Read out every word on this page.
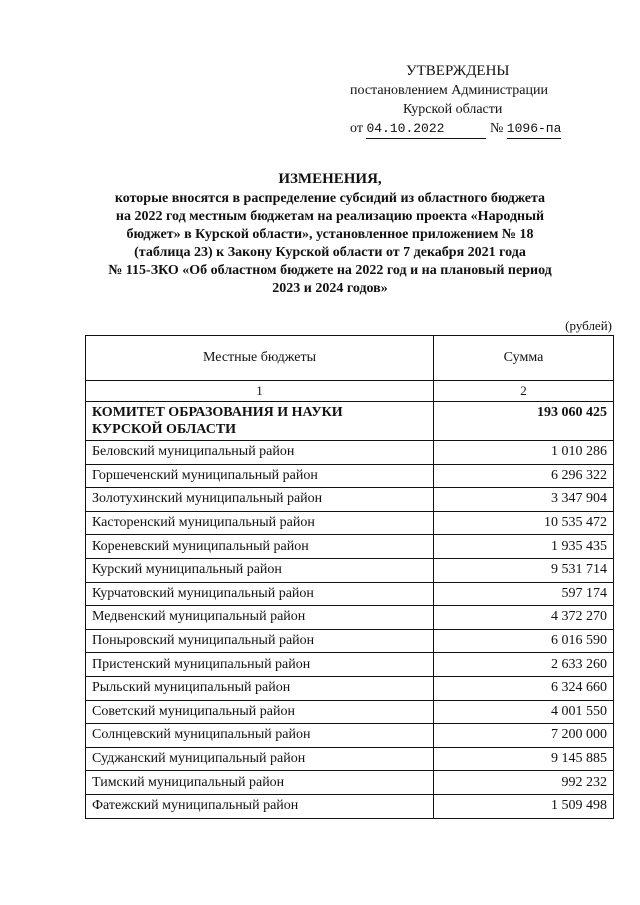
УТВЕРЖДЕНЫ
постановлением Администрации
Курской области
от 04.10.2022	№ 1096-па
ИЗМЕНЕНИЯ,
которые вносятся в распределение субсидий из областного бюджета
на 2022 год местным бюджетам на реализацию проекта «Народный
бюджет» в Курской области», установленное приложением № 18
(таблица 23) к Закону Курской области от 7 декабря 2021 года
№ 115-ЗКО «Об областном бюджете на 2022 год и на плановый период
2023 и 2024 годов»
(рублей)
Местные бюджеты	Сумма
1	2

КОМИТЕТ ОБРАЗОВАНИЯ И НАУКИ
КУРСКОЙ ОБЛАСТИ	193 060 425
Беловский муниципальный район	1 010 286
Горшеченский муниципальный район	6 296 322
Золотухинский муниципальный район	3 347 904
Касторенский муниципальный район	10 535 472
Кореневский муниципальный район	1 935 435
Курский муниципальный район	9 531 714
Курчатовский муниципальный район	597 174
Медвенский муниципальный район	4 372 270
Поныровский муниципальный район	6 016 590
Пристенский муниципальный район	2 633 260
Рыльский муниципальный район	6 324 660
Советский муниципальный район	4 001 550
Солнцевский муниципальный район	7 200 000
Суджанский муниципальный район	9 145 885
Тимский муниципальный район	992 232
Фатежский муниципальный район	1 509 498
